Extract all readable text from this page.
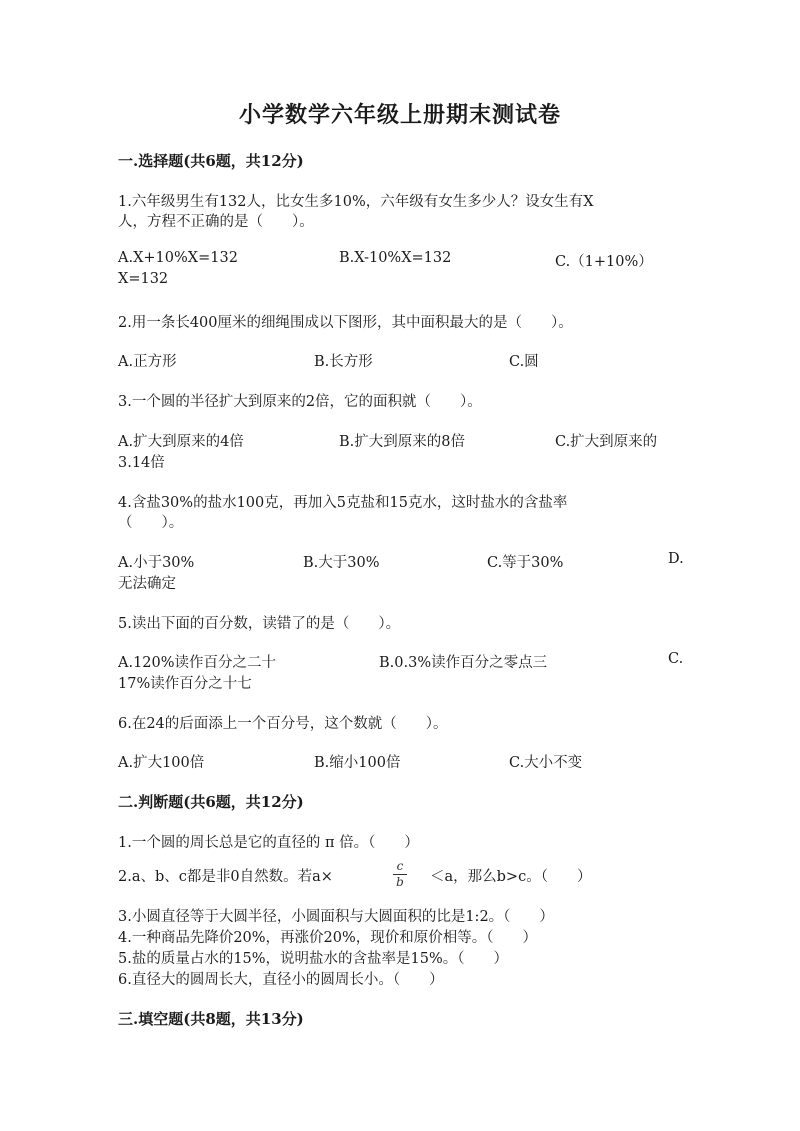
小学数学六年级上册期末测试卷
一.选择题(共6题，共12分)
1.六年级男生有132人，比女生多10%，六年级有女生多少人？设女生有X
人，方程不正确的是（　　）。
A.X+10%X=132	B.X-10%X=132	C.（1+10%）
X=132
2.用一条长400厘米的细绳围成以下图形，其中面积最大的是（　　）。
A.正方形	B.长方形	C.圆
3.一个圆的半径扩大到原来的2倍，它的面积就（　　）。
A.扩大到原来的4倍	B.扩大到原来的8倍	C.扩大到原来的
3.14倍
4.含盐30%的盐水100克，再加入5克盐和15克水，这时盐水的含盐率
（　　）。
A.小于30%	B.大于30%	C.等于30%	D.
无法确定
5.读出下面的百分数，读错了的是（　　）。
A.120%读作百分之二十	B.0.3%读作百分之零点三	C.
17%读作百分之十七
6.在24的后面添上一个百分号，这个数就（　　）。
A.扩大100倍	B.缩小100倍	C.大小不变
二.判断题(共6题，共12分)
1.一个圆的周长总是它的直径的 π 倍。（　　）
2.a、b、c都是非0自然数。若a×
c
b ＜a，那么b>c。（　　）
3.小圆直径等于大圆半径，小圆面积与大圆面积的比是1:2。（　　）
4.一种商品先降价20%，再涨价20%，现价和原价相等。（　　）
5.盐的质量占水的15%，说明盐水的含盐率是15%。（　　）
6.直径大的圆周长大，直径小的圆周长小。（　　）
三.填空题(共8题，共13分)
